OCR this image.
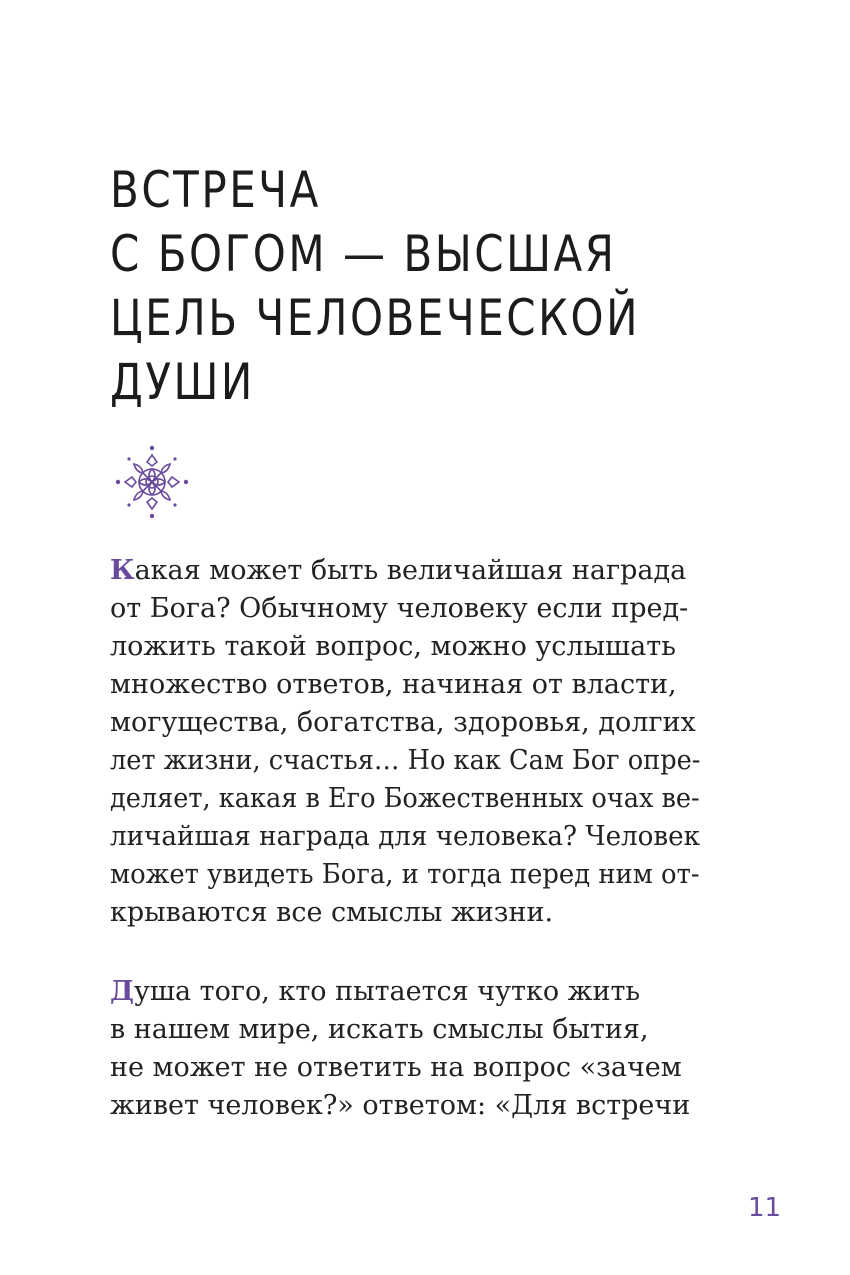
ВСТРЕЧА
С БОГОМ — ВЫСШАЯ
ЦЕЛЬ ЧЕЛОВЕЧЕСКОЙ
ДУШИ

Какая может быть величайшая награда
от Бога? Обычному человеку если пред-
ложить такой вопрос, можно услышать
множество ответов, начиная от власти,
могущества, богатства, здоровья, долгих
лет жизни, счастья… Но как Сам Бог опре-
деляет, какая в Его Божественных очах ве-
личайшая награда для человека? Человек
может увидеть Бога, и тогда перед ним от-
крываются все смыслы жизни.

Душа того, кто пытается чутко жить
в нашем мире, искать смыслы бытия,
не может не ответить на вопрос «зачем
живет человек?» ответом: «Для встречи

11
